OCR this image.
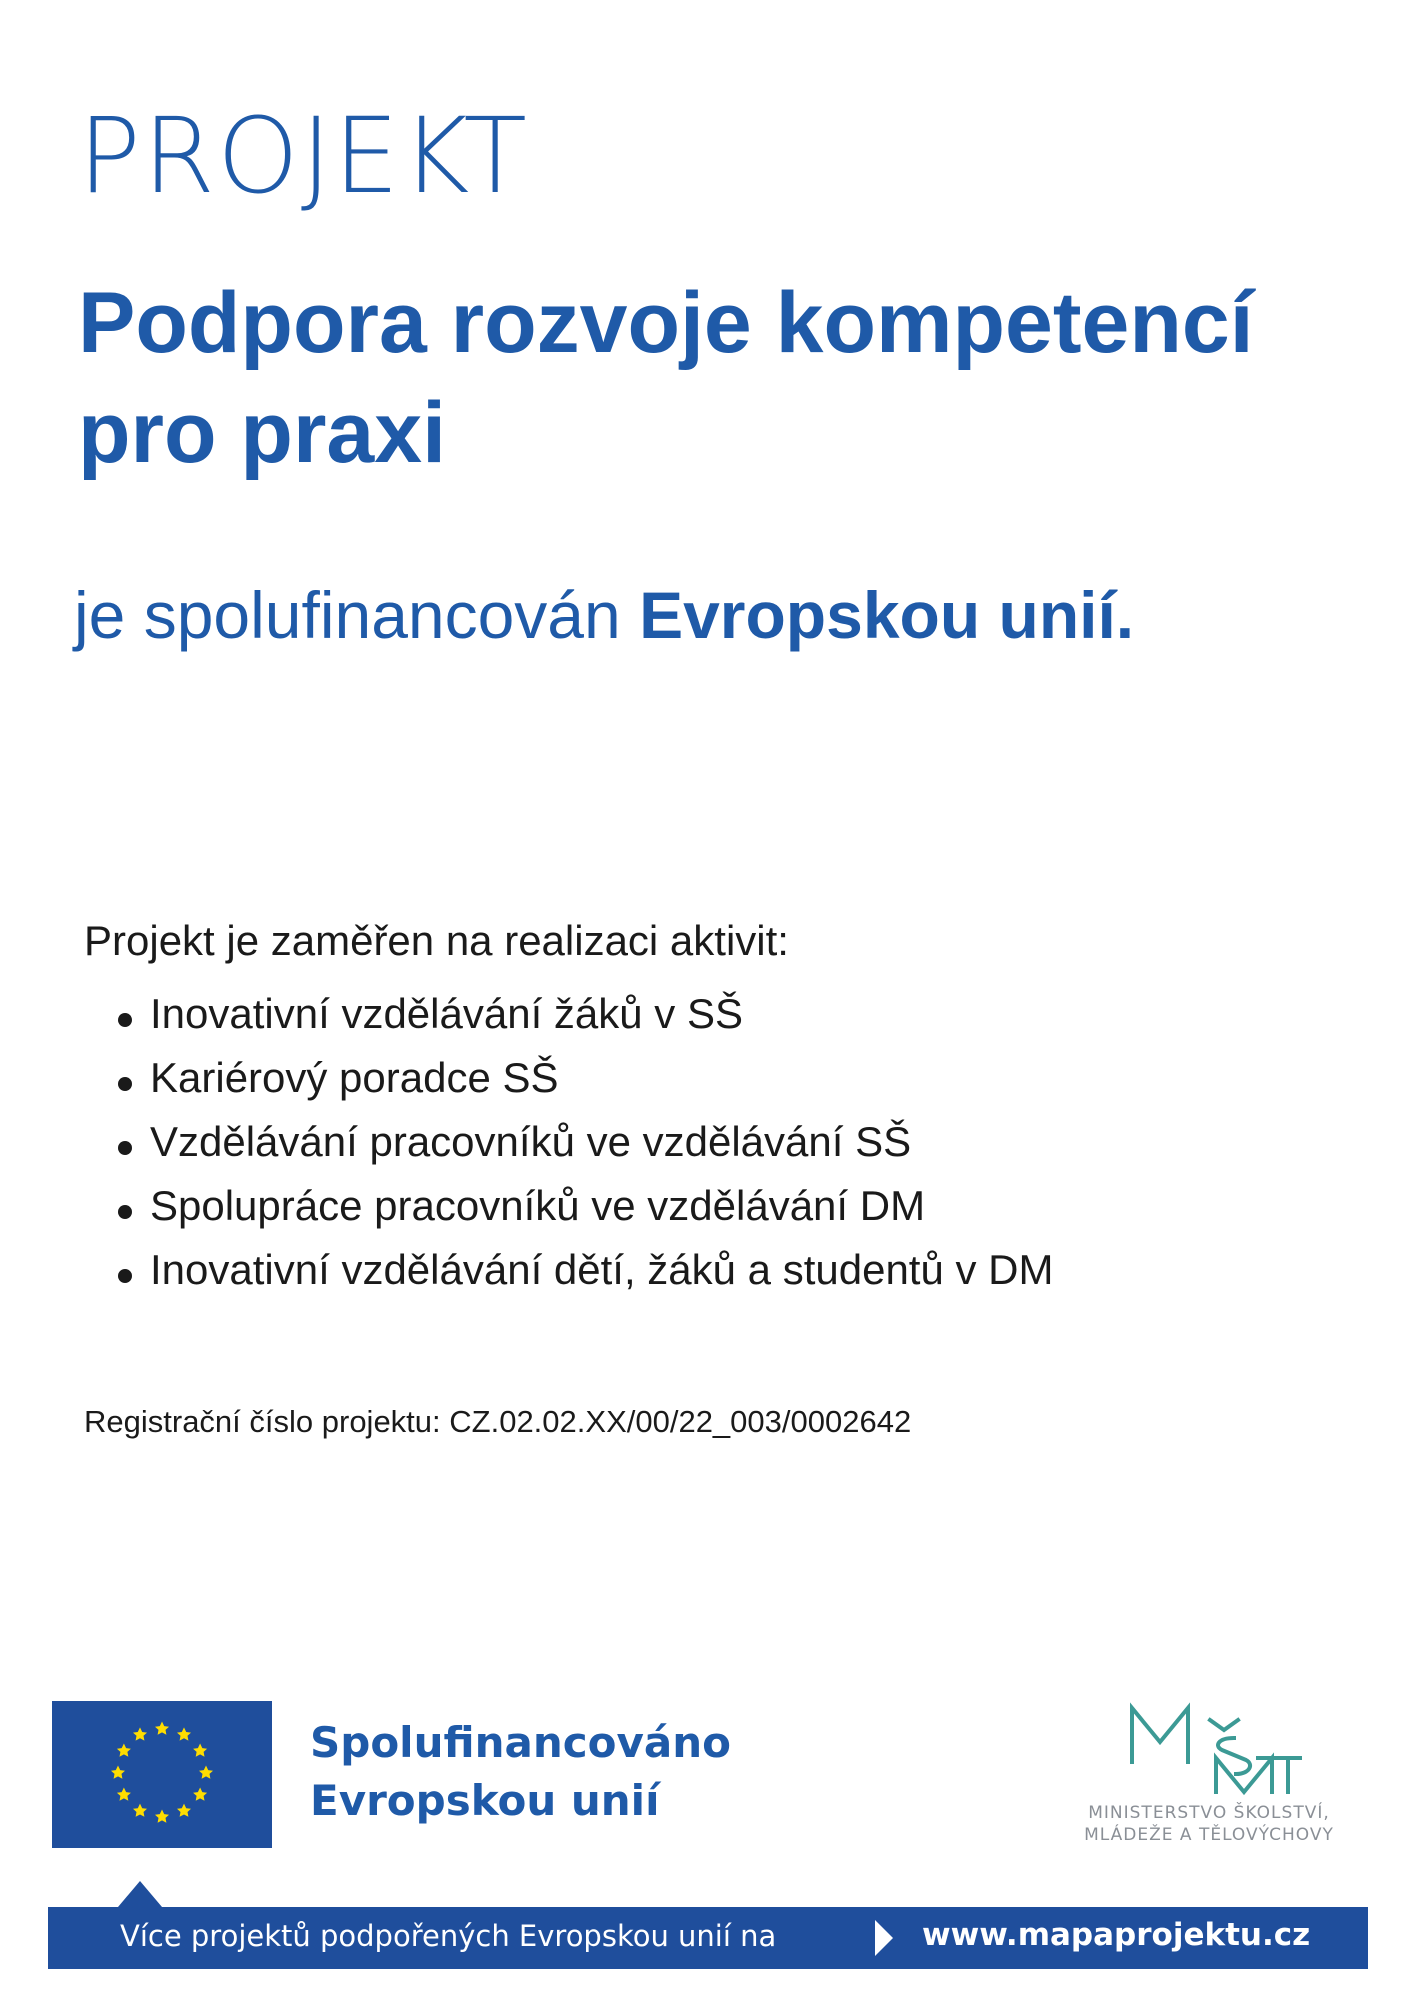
PROJEKT
Podpora rozvoje kompetencí
pro praxi
je spolufinancován Evropskou unií.
Projekt je zaměřen na realizaci aktivit:
Inovativní vzdělávání žáků v SŠ
Kariérový poradce SŠ
Vzdělávání pracovníků ve vzdělávání SŠ
Spolupráce pracovníků ve vzdělávání DM
Inovativní vzdělávání dětí, žáků a studentů v DM
Registrační číslo projektu: CZ.02.02.XX/00/22_003/0002642
Spolufinancováno
Evropskou unií	MINISTERSTVO ŠKOLSTVÍ,
MLÁDEŽE A TĚLOVÝCHOVY
Více projektů podpořených Evropskou unií na	www.mapaprojektu.cz
